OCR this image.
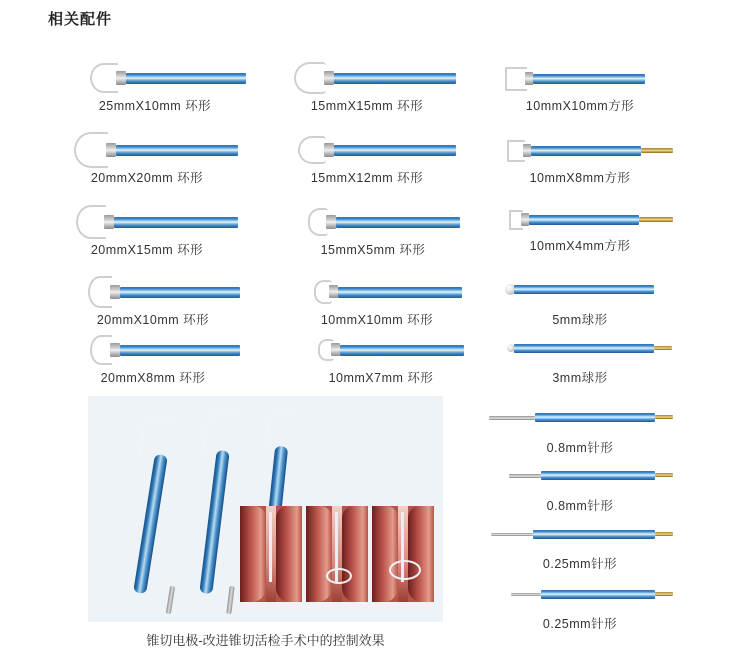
相关配件
25mmX10mm 环形
20mmX20mm 环形
20mmX15mm 环形
20mmX10mm 环形
20mmX8mm 环形
15mmX15mm 环形
15mmX12mm 环形
15mmX5mm 环形
10mmX10mm 环形
10mmX7mm 环形
10mmX10mm方形
10mmX8mm方形
10mmX4mm方形
5mm球形
3mm球形
0.8mm针形
0.8mm针形
0.25mm针形
0.25mm针形
锥切电极-改进锥切活检手术中的控制效果
